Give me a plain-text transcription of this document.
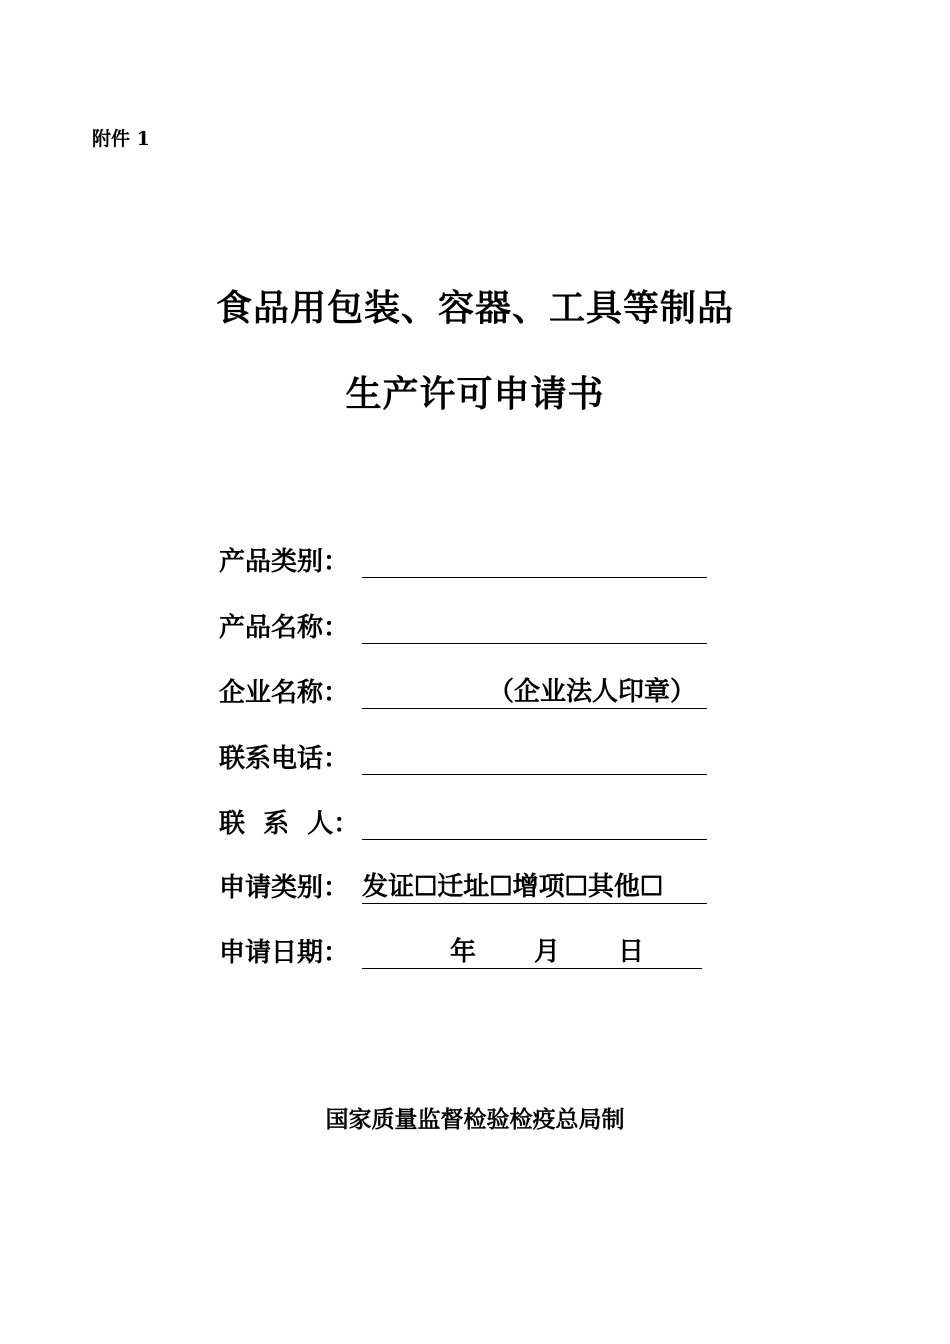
附件 1
食品用包装、容器、工具等制品
生产许可申请书
产品类别：
产品名称：
企业名称：	（企业法人印章）
联系电话：
联  系  人：
申请类别： 发证☐迁址☐增项☐其他☐
申请日期：	年 月 日
国家质量监督检验检疫总局制
